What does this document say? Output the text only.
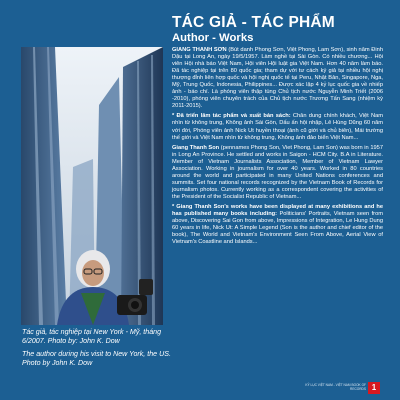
Tác giả, tác nghiệp tại New York - Mỹ, tháng 6/2007. Photo by: John K. Dow
The author during his visit to New York, the US. Photo by John K. Dow
TÁC GIẢ - TÁC PHẨM
Author - Works

GIANG THANH SƠN (Bút danh Phong Sơn, Việt Phong, Lam Sơn), sinh năm Đinh Dậu tại Long An, ngày 19/5/1957. Làm nghề tại Sài Gòn. Có nhiều chương... Hội viên Hội nhà báo Việt Nam, Hội viên Hội luật gia Việt Nam. Hơn 40 năm làm báo. Đã tác nghiệp tại trên 80 quốc gia; tham dự với tư cách ký giả tại nhiều hội nghị thượng đỉnh liên hợp quốc và hội nghị quốc tế tại Peru, Nhật Bản, Singapore, Nga, Mỹ, Trung Quốc, Indonesia, Philippines... Được xác lập 4 kỷ lục quốc gia về nhiếp ảnh - báo chí. Là phóng viên thập tùng Chủ tịch nước Nguyễn Minh Triết (2006 -2010), phóng viên chuyên trách của Chủ tịch nước Trương Tấn Sang (nhiệm kỳ 2011-2015).

* Đã triển lãm tác phẩm và xuất bản sách: Chân dung chính khách, Việt Nam nhìn từ không trung, Không ảnh Sài Gòn, Dấu ấn hội nhập, Lê Hùng Dũng 60 năm với đời, Phóng viên ảnh Nick Ut huyền thoại (ảnh cũ giới và chủ biên), Mái trường thế giới và Việt Nam nhìn từ không trung, Không ảnh đảo biển Việt Nam...

Giang Thanh Son (pennames Phong Son, Viet Phong, Lam Son) was born in 1957 in Long An Province. He settled and works in Saigon - HCM City. B.A in Literature. Member of Vietnam Journalists Association, Member of Vietnam Lawyer Association. Working in journalism for over 40 years. Worked in 80 countries around the world and participated in many United Nations conferences and summits. Set four national records recognized by the Vietnam Book of Records for journalism photos. Currently working as a correspondent covering the activities of the President of the Socialist Republic of Vietnam...

* Giang Thanh Son's works have been displayed at many exhibitions and he has published many books including: Politicians' Portraits, Vietnam seen from above, Discovering Sai Gon from above, Impressions of Integration, Le Hung Dung 60 years in life, Nick Ut: A Simple Legend (Son is the author and chief editor of the book), The World and Vietnam's Environment Seen From Above, Aerial View of Vietnam's Coastline and Islands...

KỶ LỤC VIỆT NAM - VIỆT NAM BOOK OF RECORDS 1
